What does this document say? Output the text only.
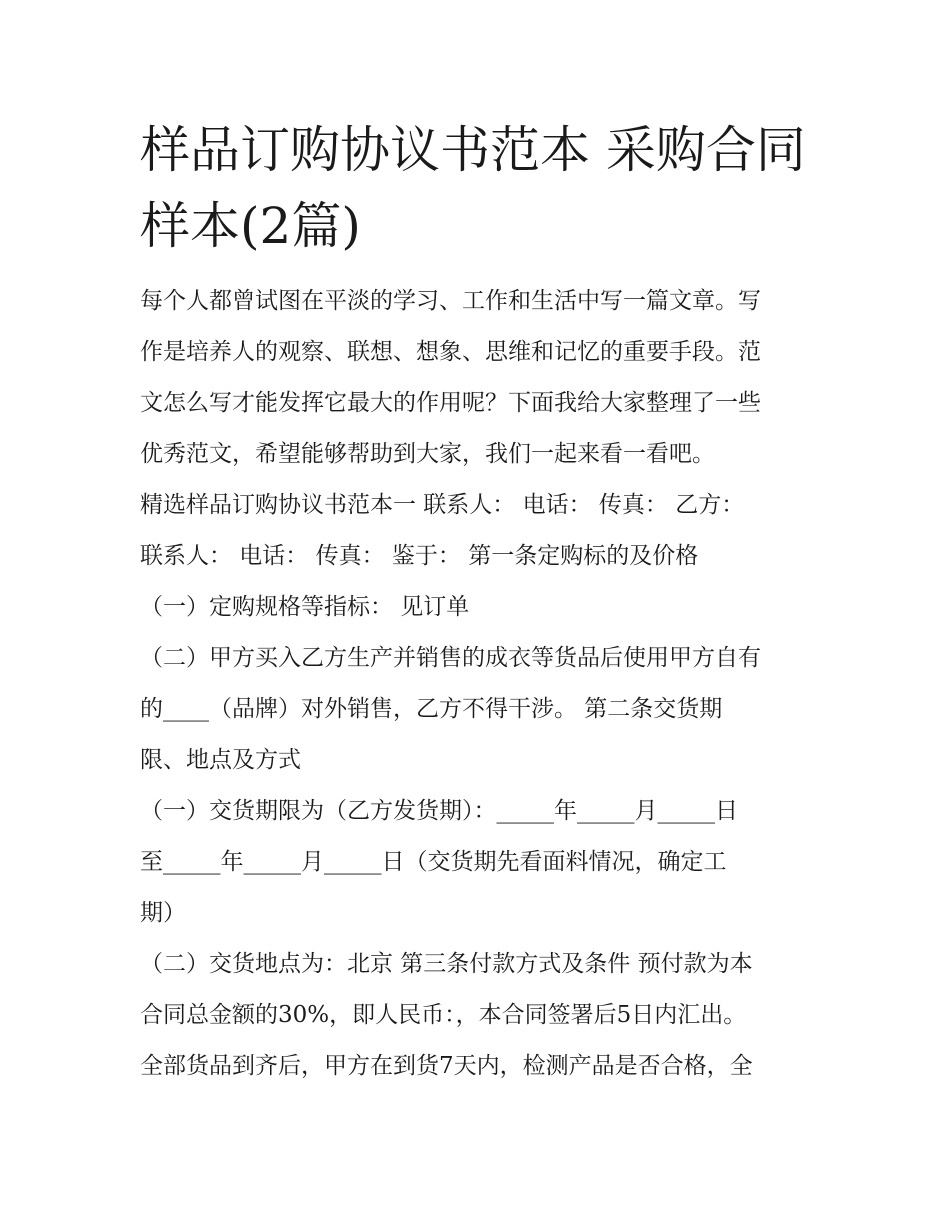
样品订购协议书范本 采购合同样本(2篇)

每个人都曾试图在平淡的学习、工作和生活中写一篇文章。写

作是培养人的观察、联想、想象、思维和记忆的重要手段。范

文怎么写才能发挥它最大的作用呢？下面我给大家整理了一些

优秀范文，希望能够帮助到大家，我们一起来看一看吧。

精选样品订购协议书范本一 联系人： 电话： 传真： 乙方：

联系人： 电话： 传真： 鉴于： 第一条定购标的及价格

（一）定购规格等指标： 见订单

（二）甲方买入乙方生产并销售的成衣等货品后使用甲方自有

的____（品牌）对外销售，乙方不得干涉。 第二条交货期

限、地点及方式

（一）交货期限为（乙方发货期）：_____年_____月_____日

至_____年_____月_____日（交货期先看面料情况，确定工

期）

（二）交货地点为：北京 第三条付款方式及条件 预付款为本

合同总金额的30%，即人民币：，本合同签署后5日内汇出。

全部货品到齐后，甲方在到货7天内，检测产品是否合格，全
